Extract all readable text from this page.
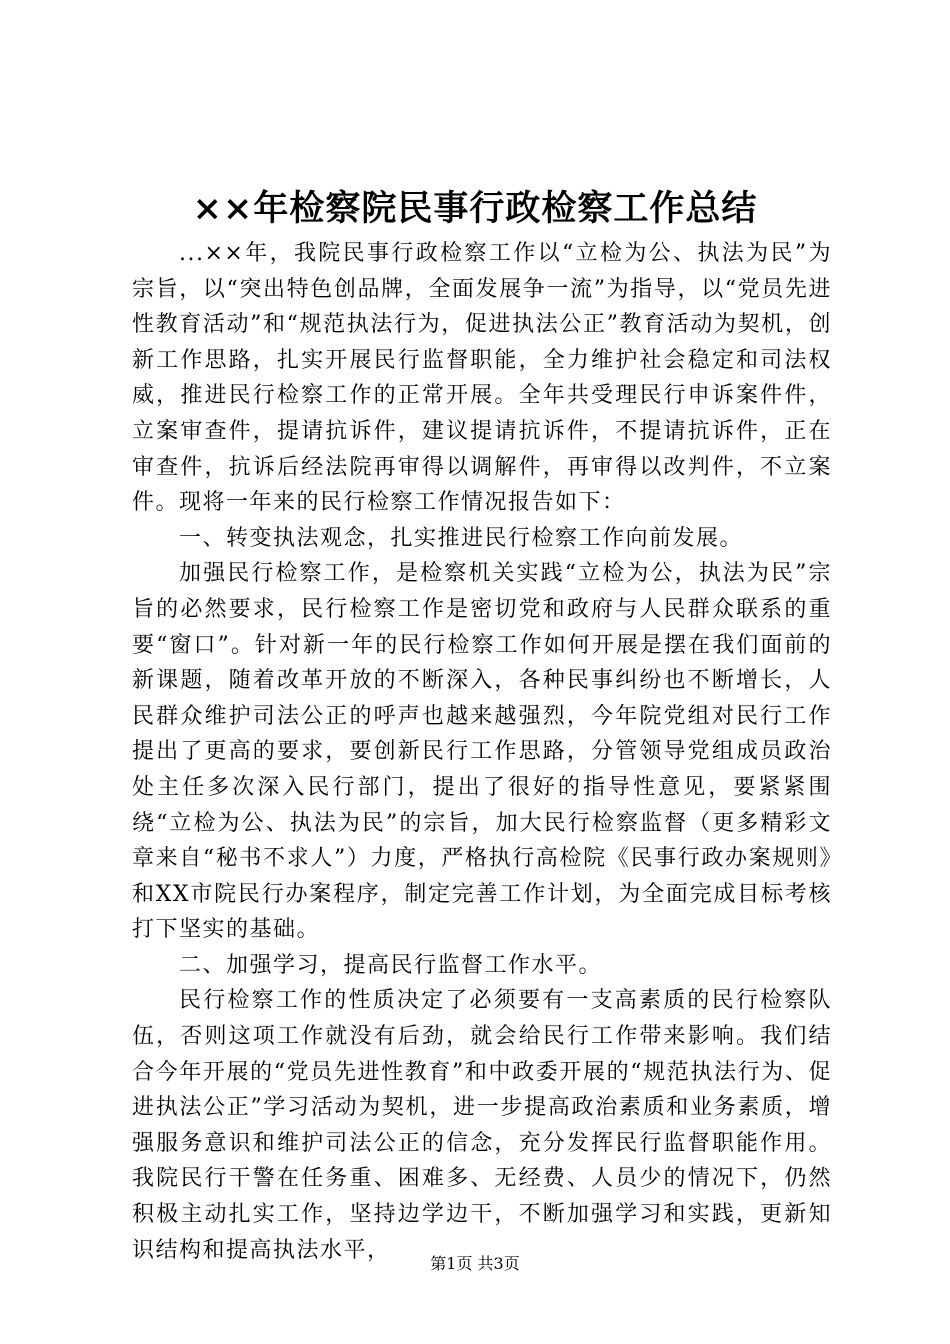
××年检察院民事行政检察工作总结

...××年，我院民事行政检察工作以“立检为公、执法为民”为宗旨，以“突出特色创品牌，全面发展争一流”为指导，以“党员先进性教育活动”和“规范执法行为，促进执法公正”教育活动为契机，创新工作思路，扎实开展民行监督职能，全力维护社会稳定和司法权威，推进民行检察工作的正常开展。全年共受理民行申诉案件件，立案审查件，提请抗诉件，建议提请抗诉件，不提请抗诉件，正在审查件，抗诉后经法院再审得以调解件，再审得以改判件，不立案件。现将一年来的民行检察工作情况报告如下：

一、转变执法观念，扎实推进民行检察工作向前发展。

加强民行检察工作，是检察机关实践“立检为公，执法为民”宗旨的必然要求，民行检察工作是密切党和政府与人民群众联系的重要“窗口”。针对新一年的民行检察工作如何开展是摆在我们面前的新课题，随着改革开放的不断深入，各种民事纠纷也不断增长，人民群众维护司法公正的呼声也越来越强烈，今年院党组对民行工作提出了更高的要求，要创新民行工作思路，分管领导党组成员政治处主任多次深入民行部门，提出了很好的指导性意见，要紧紧围绕“立检为公、执法为民”的宗旨，加大民行检察监督（更多精彩文章来自“秘书不求人”）力度，严格执行高检院《民事行政办案规则》和XX市院民行办案程序，制定完善工作计划，为全面完成目标考核打下坚实的基础。

二、加强学习，提高民行监督工作水平。

民行检察工作的性质决定了必须要有一支高素质的民行检察队伍，否则这项工作就没有后劲，就会给民行工作带来影响。我们结合今年开展的“党员先进性教育”和中政委开展的“规范执法行为、促进执法公正”学习活动为契机，进一步提高政治素质和业务素质，增强服务意识和维护司法公正的信念，充分发挥民行监督职能作用。我院民行干警在任务重、困难多、无经费、人员少的情况下，仍然积极主动扎实工作，坚持边学边干，不断加强学习和实践，更新知识结构和提高执法水平，

第1页 共3页
